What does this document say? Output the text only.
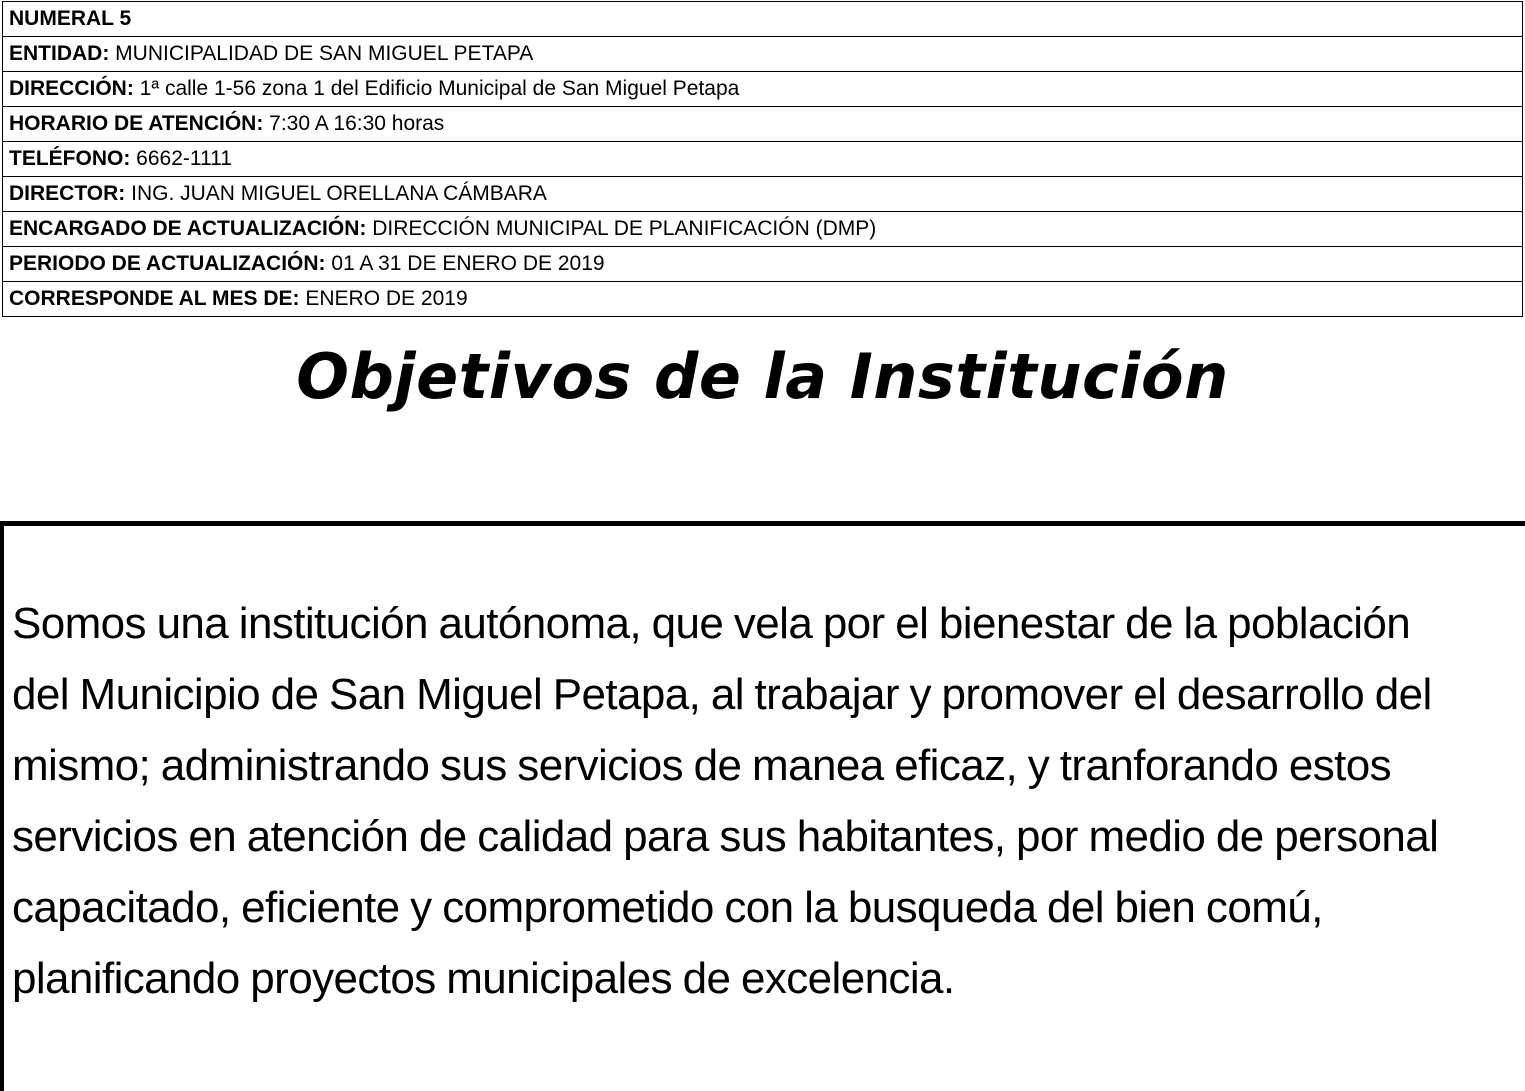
NUMERAL 5
ENTIDAD: MUNICIPALIDAD DE SAN MIGUEL PETAPA
DIRECCIÓN: 1ª calle 1-56 zona 1 del Edificio Municipal de San Miguel Petapa
HORARIO DE ATENCIÓN: 7:30 A 16:30 horas
TELÉFONO: 6662-1111
DIRECTOR: ING. JUAN MIGUEL ORELLANA CÁMBARA
ENCARGADO DE ACTUALIZACIÓN: DIRECCIÓN MUNICIPAL DE PLANIFICACIÓN (DMP)
PERIODO DE ACTUALIZACIÓN: 01 A 31 DE ENERO DE 2019
CORRESPONDE AL MES DE: ENERO DE 2019
Objetivos de la Institución

Somos una institución autónoma, que vela por el bienestar de la población
del Municipio de San Miguel Petapa, al trabajar y promover el desarrollo del
mismo; administrando sus servicios de manea eficaz, y tranforando estos
servicios en atención de calidad para sus habitantes, por medio de personal
capacitado, eficiente y comprometido con la busqueda del bien comú,
planificando proyectos municipales de excelencia.
